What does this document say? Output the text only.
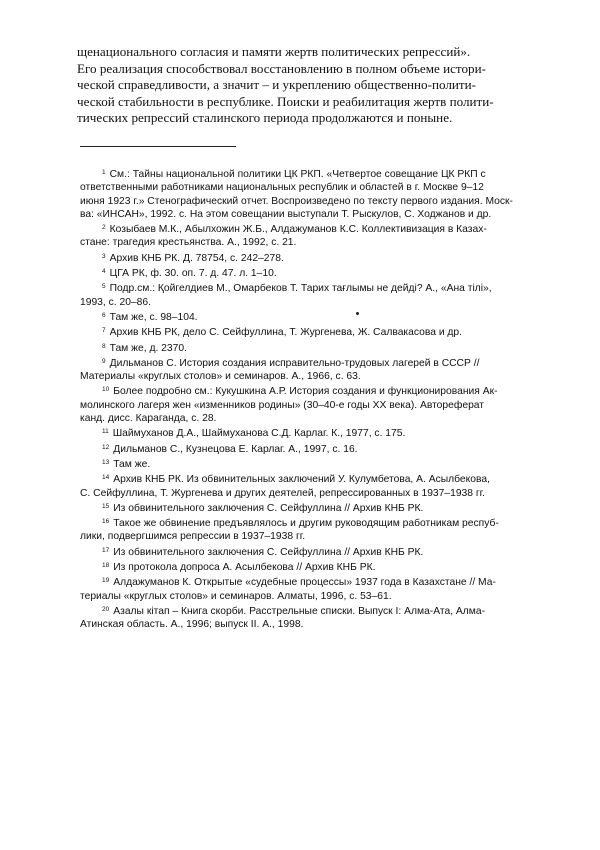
щенационального согласия и памяти жертв политических репрессий».
Его реализация способствовал восстановлению в полном объеме истори-
ческой справедливости, а значит – и укреплению общественно-полити-
ческой стабильности в республике. Поиски и реабилитация жертв полити-
тических репрессий сталинского периода продолжаются и поныне.
$^1$ См.: Тайны национальной политики ЦК РКП. «Четвертое совещание ЦК РКП с
ответственными работниками национальных республик и областей в г. Москве 9–12
июня 1923 г.» Стенографический отчет. Воспроизведено по тексту первого издания. Моск-
ва: «ИНСАН», 1992. с. На этом совещании выступали Т. Рыскулов, С. Ходжанов и др.
$^2$ Козыбаев М.К., Абылхожин Ж.Б., Алдажуманов К.С. Коллективизация в Казах-
стане: трагедия крестьянства. А., 1992, с. 21.
$^3$ Архив КНБ РК. Д. 78754, с. 242–278.
$^4$ ЦГА РК, ф. 30. оп. 7. д. 47. л. 1–10.
$^5$ Подр.см.: Қойгелдиев М., Омарбеков Т. Тарих тағлымы не дейді? А., «Ана тілі»,
1993, с. 20–86.
$^6$ Там же, с. 98–104.
$^7$ Архив КНБ РК, дело С. Сейфуллина, Т. Жургенева, Ж. Салвакасова и др.
$^8$ Там же, д. 2370.
$^9$ Дильманов С. История создания исправительно-трудовых лагерей в СССР //
Материалы «круглых столов» и семинаров. А., 1966, с. 63.
$^{10}$ Более подробно см.: Кукушкина А.Р. История создания и функционирования Ак-
молинского лагеря жен «изменников родины» (30–40-е годы ХХ века). Автореферат
канд. дисс. Караганда, с. 28.
$^{11}$ Шаймуханов Д.А., Шаймуханова С.Д. Карлаг. К., 1977, с. 175.
$^{12}$ Дильманов С., Кузнецова Е. Карлаг. А., 1997, с. 16.
$^{13}$ Там же.
$^{14}$ Архив КНБ РК. Из обвинительных заключений У. Кулумбетова, А. Асылбекова,
С. Сейфуллина, Т. Жургенева и других деятелей, репрессированных в 1937–1938 гг.
$^{15}$ Из обвинительного заключения С. Сейфуллина // Архив КНБ РК.
$^{16}$ Такое же обвинение предъявлялось и другим руководящим работникам респуб-
лики, подвергшимся репрессии в 1937–1938 гг.
$^{17}$ Из обвинительного заключения С. Сейфуллина // Архив КНБ РК.
$^{18}$ Из протокола допроса А. Асылбекова // Архив КНБ РК.
$^{19}$ Алдажуманов К. Открытые «судебные процессы» 1937 года в Казахстане // Ма-
териалы «круглых столов» и семинаров. Алматы, 1996, с. 53–61.
$^{20}$ Азалы кітап – Книга скорби. Расстрельные списки. Выпуск I: Алма-Ата, Алма-
Атинская область. А., 1996; выпуск II. А., 1998.
